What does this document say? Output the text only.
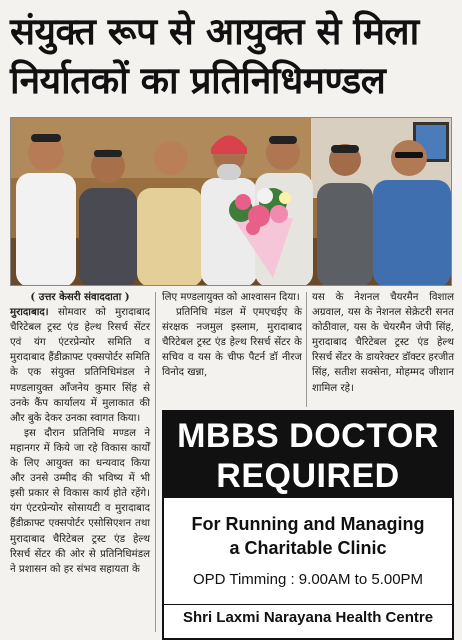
संयुक्त रूप से आयुक्त से मिला
निर्यातकों का प्रतिनिधिमण्डल

( उत्तर केसरी संवाददाता )

मुरादाबाद। सोमवार को मुरादाबाद चैरिटेबल ट्रस्ट एंड हेल्थ रिसर्च सेंटर एवं यंग एंटरप्रेन्योर समिति व मुरादाबाद हैंडीक्राफ्ट एक्सपोर्टर समिति के एक संयुक्त प्रतिनिधिमंडल ने मण्डलायुक्त आँजनेय कुमार सिंह से उनके कैंप कार्यालय में मुलाकात की और बुके देकर उनका स्वागत किया।

इस दौरान प्रतिनिधि मण्डल ने महानगर में किये जा रहे विकास कार्यों के लिए आयुक्त का धन्यवाद किया और उनसे उम्मीद की भविष्य में भी इसी प्रकार से विकास कार्य होते रहेंगे। यंग एंटरप्रेन्योर सोसायटी व मुरादाबाद हैंडीक्राफ्ट एक्सपोर्टर एसोसिएशन तथा मुरादाबाद चैरिटेबल ट्रस्ट एंड हेल्थ रिसर्च सेंटर की ओर से प्रतिनिधिमंडल ने प्रशासन को हर संभव सहायता के

लिए मण्डलायुक्त को आश्वासन दिया।

प्रतिनिधि मंडल में एमएचईए के संरक्षक नजमुल इस्लाम, मुरादाबाद चैरिटेबल ट्रस्ट एंड हेल्थ रिसर्च सेंटर के सचिव व यस के चीफ पैटर्न डॉ नीरज विनोद खन्ना,

यस के नेशनल चैयरमैन विशाल अग्रवाल, यस के नेशनल सेक्रेटरी सनत कोठीवाल, यस के चेयरमैन जेपी सिंह, मुरादाबाद चैरिटेबल ट्रस्ट एंड हेल्थ रिसर्च सेंटर के डायरेक्टर डॉक्टर हरजीत सिंह, सतीश सक्सेना, मोहम्मद जीशान शामिल रहे।

MBBS DOCTOR
REQUIRED
For Running and Managing
a Charitable Clinic
OPD Timming : 9.00AM to 5.00PM
Shri Laxmi Narayana Health Centre
